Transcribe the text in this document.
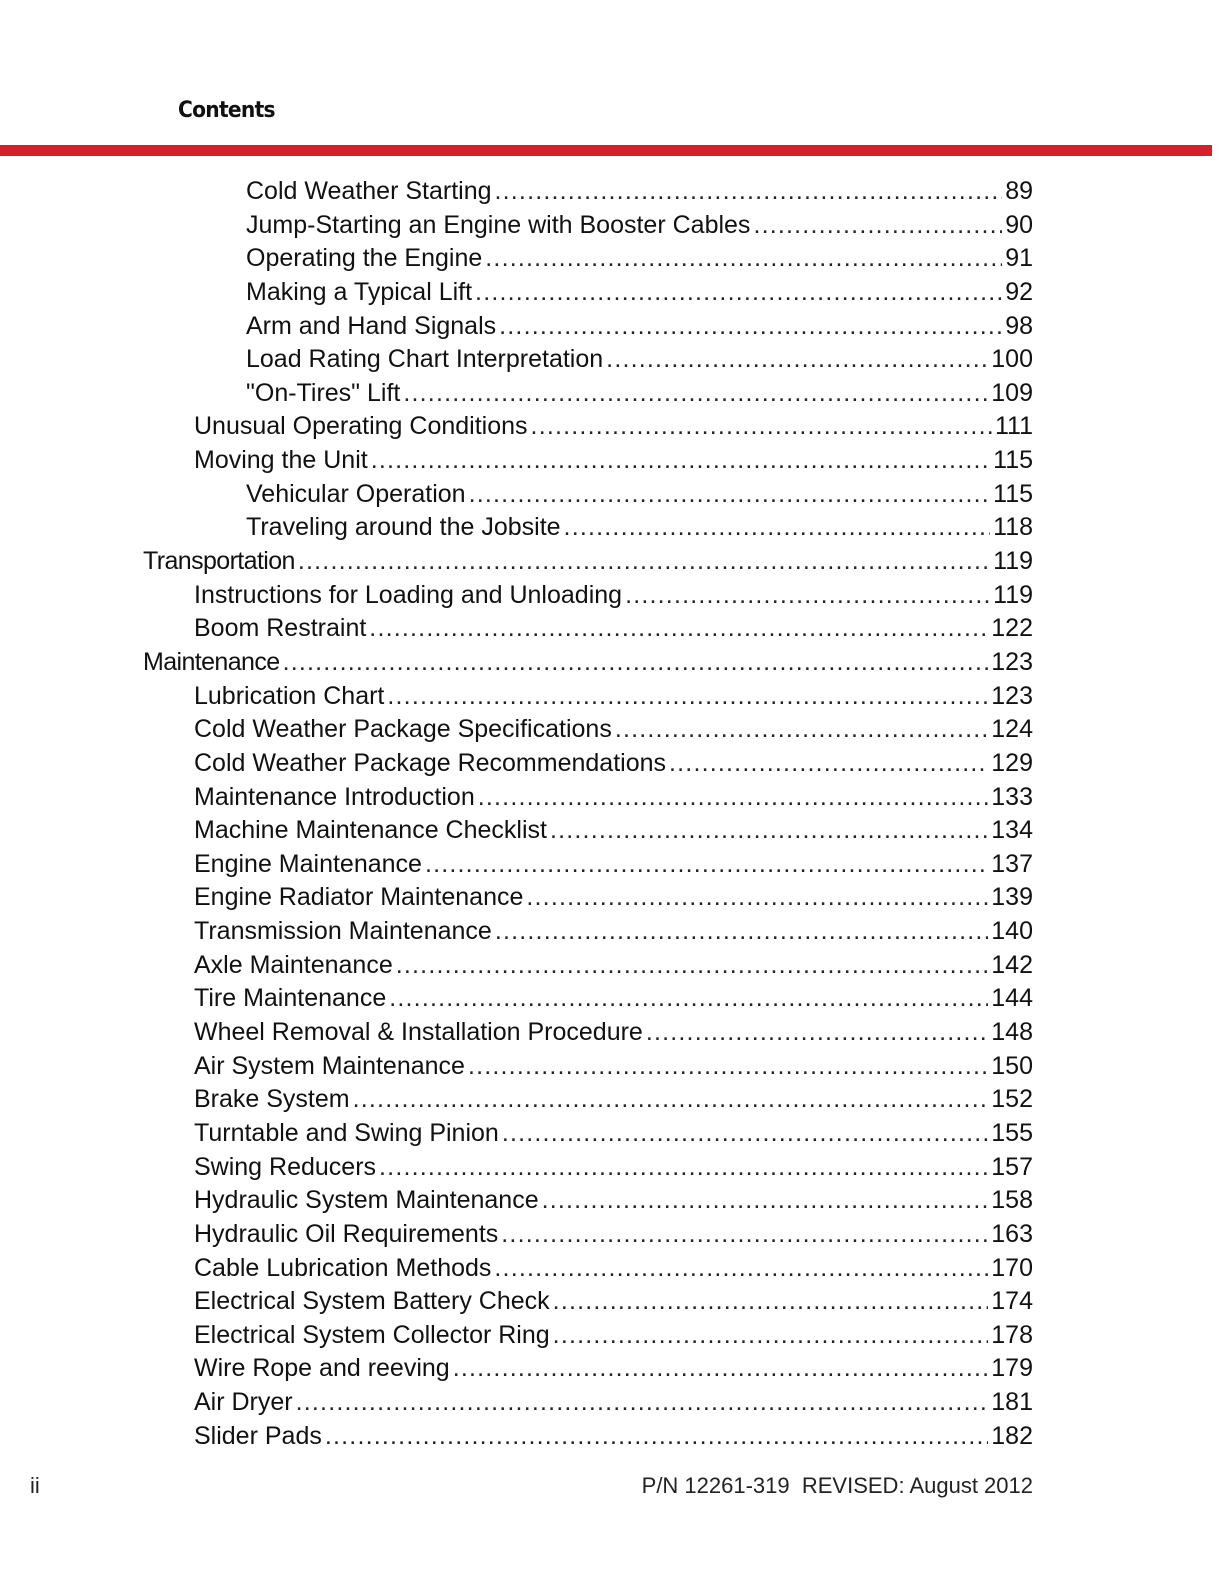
Contents
Cold Weather Starting .....	89
Jump-Starting an Engine with Booster Cables .....	90
Operating the Engine .....	91
Making a Typical Lift .....	92
Arm and Hand Signals .....	98
Load Rating Chart Interpretation .....	100
"On-Tires" Lift .....	109
Unusual Operating Conditions .....	111
Moving the Unit .....	115
Vehicular Operation .....	115
Traveling around the Jobsite .....	118
Transportation .....	119
Instructions for Loading and Unloading .....	119
Boom Restraint .....	122
Maintenance .....	123
Lubrication Chart .....	123
Cold Weather Package Specifications .....	124
Cold Weather Package Recommendations .....	129
Maintenance Introduction .....	133
Machine Maintenance Checklist .....	134
Engine Maintenance .....	137
Engine Radiator Maintenance .....	139
Transmission Maintenance .....	140
Axle Maintenance .....	142
Tire Maintenance .....	144
Wheel Removal & Installation Procedure .....	148
Air System Maintenance .....	150
Brake System .....	152
Turntable and Swing Pinion .....	155
Swing Reducers .....	157
Hydraulic System Maintenance .....	158
Hydraulic Oil Requirements .....	163
Cable Lubrication Methods .....	170
Electrical System Battery Check .....	174
Electrical System Collector Ring .....	178
Wire Rope and reeving .....	179
Air Dryer .....	181
Slider Pads .....	182
ii	P/N 12261-319  REVISED: August 2012
